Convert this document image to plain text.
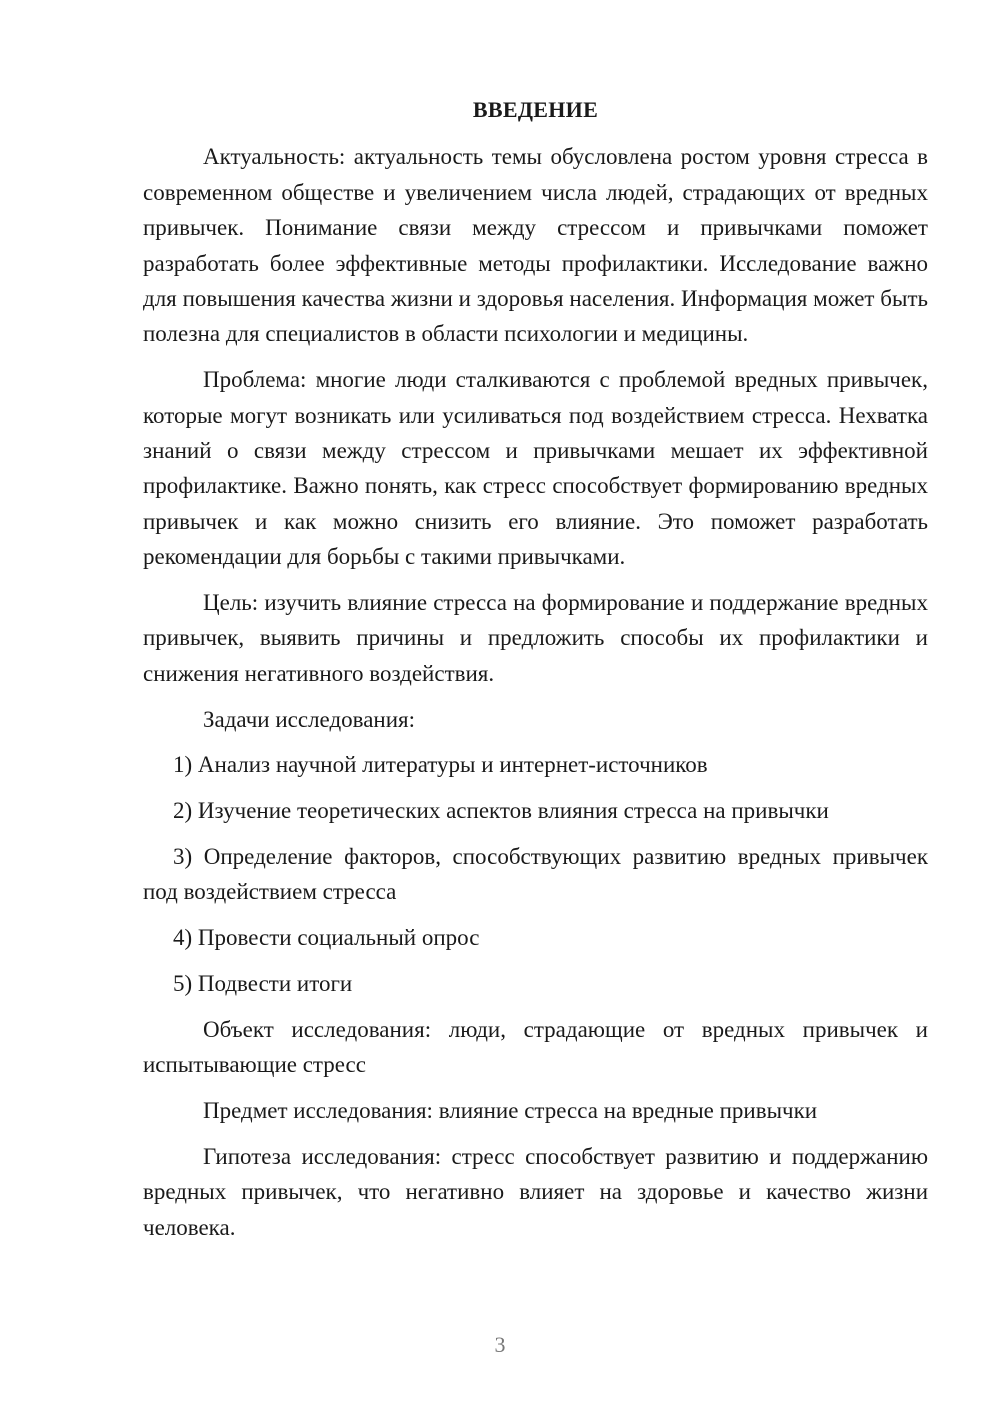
ВВЕДЕНИЕ

Актуальность: актуальность темы обусловлена ростом уровня стресса в современном обществе и увеличением числа людей, страдающих от вредных привычек. Понимание связи между стрессом и привычками поможет разработать более эффективные методы профилактики. Исследование важно для повышения качества жизни и здоровья населения. Информация может быть полезна для специалистов в области психологии и медицины.

Проблема: многие люди сталкиваются с проблемой вредных привычек, которые могут возникать или усиливаться под воздействием стресса. Нехватка знаний о связи между стрессом и привычками мешает их эффективной профилактике. Важно понять, как стресс способствует формированию вредных привычек и как можно снизить его влияние. Это поможет разработать рекомендации для борьбы с такими привычками.

Цель: изучить влияние стресса на формирование и поддержание вредных привычек, выявить причины и предложить способы их профилактики и снижения негативного воздействия.

Задачи исследования:

1) Анализ научной литературы и интернет-источников

2) Изучение теоретических аспектов влияния стресса на привычки

3) Определение факторов, способствующих развитию вредных привычек под воздействием стресса

4) Провести социальный опрос

5) Подвести итоги

Объект исследования: люди, страдающие от вредных привычек и испытывающие стресс

Предмет исследования: влияние стресса на вредные привычки

Гипотеза исследования: стресс способствует развитию и поддержанию вредных привычек, что негативно влияет на здоровье и качество жизни человека.

3
